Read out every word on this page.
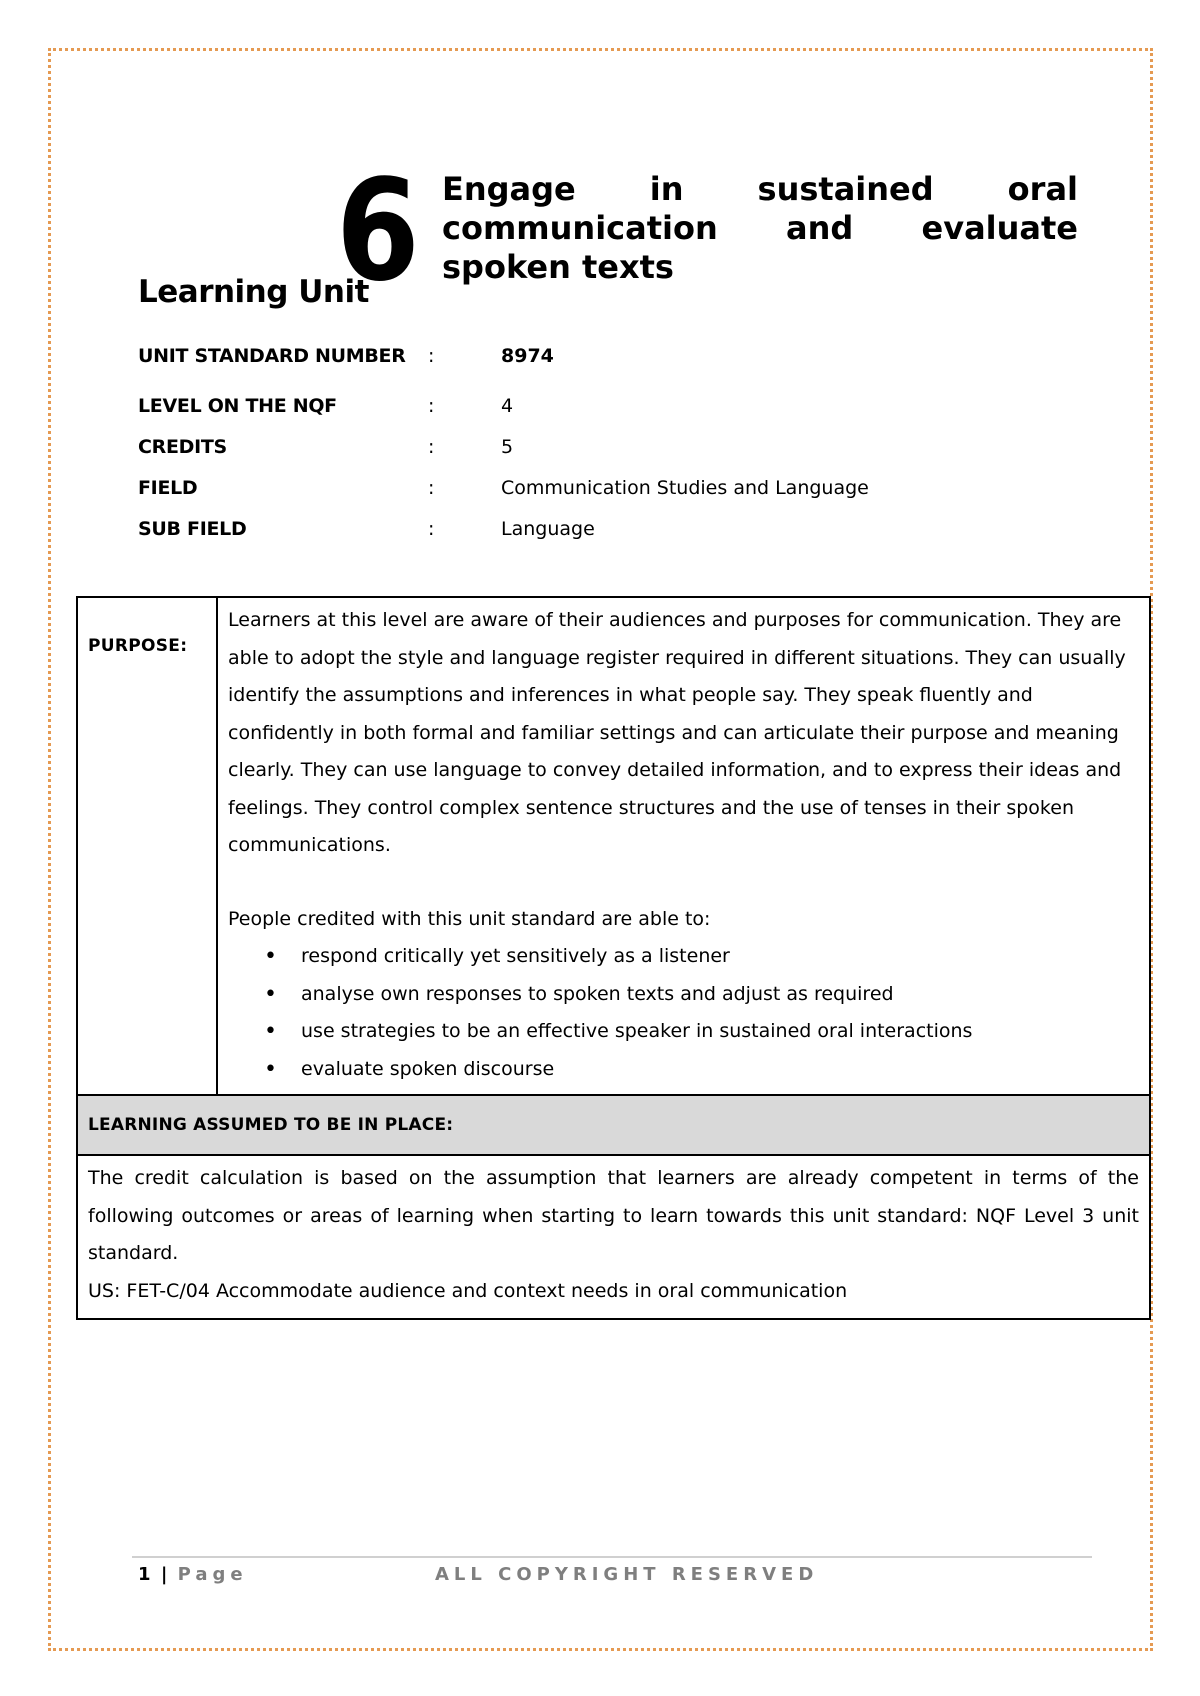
Learning Unit
6 Engage in sustained oral communication and evaluate spoken texts
UNIT STANDARD NUMBER	:	8974
LEVEL ON THE NQF	:	4
CREDITS	:	5
FIELD	:	Communication Studies and Language
SUB FIELD	:	Language
PURPOSE:

Learners at this level are aware of their audiences and purposes for communication. They are able to adopt the style and language register required in different situations. They can usually identify the assumptions and inferences in what people say. They speak fluently and confidently in both formal and familiar settings and can articulate their purpose and meaning clearly. They can use language to convey detailed information, and to express their ideas and feelings. They control complex sentence structures and the use of tenses in their spoken communications.

People credited with this unit standard are able to:

• respond critically yet sensitively as a listener
• analyse own responses to spoken texts and adjust as required
• use strategies to be an effective speaker in sustained oral interactions
• evaluate spoken discourse
LEARNING ASSUMED TO BE IN PLACE:

The credit calculation is based on the assumption that learners are already competent in terms of the following outcomes or areas of learning when starting to learn towards this unit standard: NQF Level 3 unit standard.

US: FET-C/04 Accommodate audience and context needs in oral communication

1 | Page	ALL COPYRIGHT RESERVED
